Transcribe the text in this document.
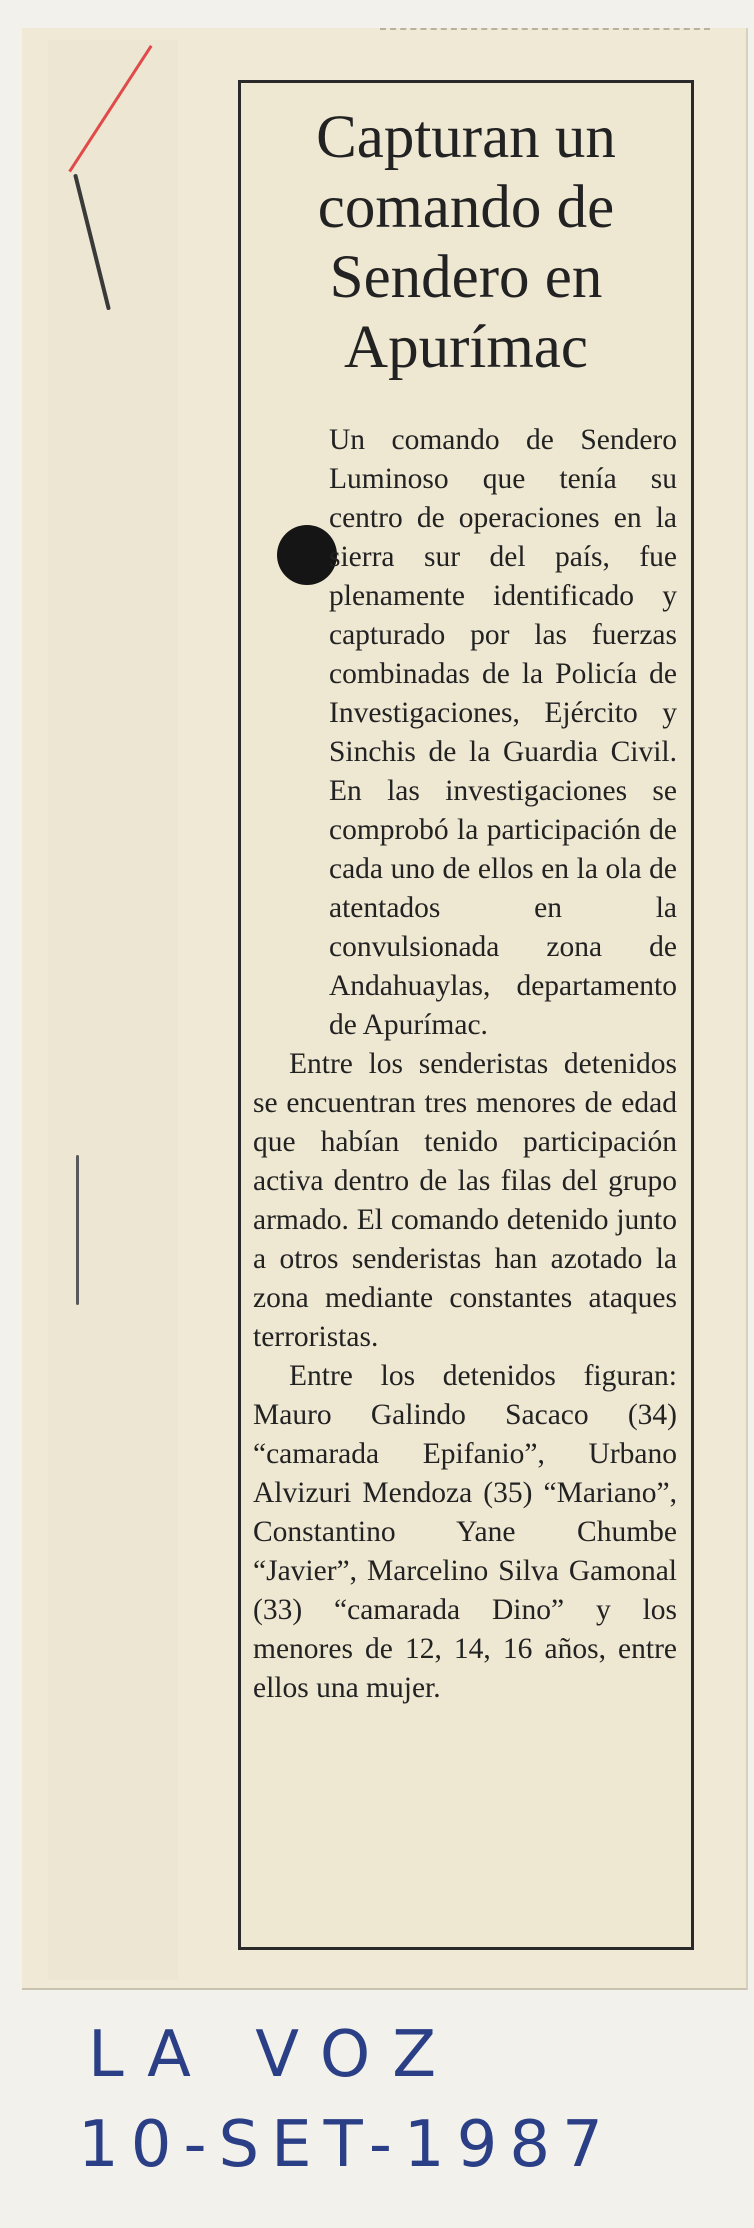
Capturan un comando de Sendero en Apurímac

Un comando de Sendero Luminoso que tenía su centro de operaciones en la sierra sur del país, fue plenamente identificado y capturado por las fuerzas combinadas de la Policía de Investigaciones, Ejército y Sinchis de la Guardia Civil. En las investigaciones se comprobó la participación de cada uno de ellos en la ola de atentados en la convulsionada zona de Andahuaylas, departamento de Apurímac.

Entre los senderistas detenidos se encuentran tres menores de edad que habían tenido participación activa dentro de las filas del grupo armado. El comando detenido junto a otros senderistas han azotado la zona mediante constantes ataques terroristas.

Entre los detenidos figuran: Mauro Galindo Sacaco (34) “camarada Epifanio”, Urbano Alvizuri Mendoza (35) “Mariano”, Constantino Yane Chumbe “Javier”, Marcelino Silva Gamonal (33) “camarada Dino” y los menores de 12, 14, 16 años, entre ellos una mujer.

LA VOZ
10-SET-1987
